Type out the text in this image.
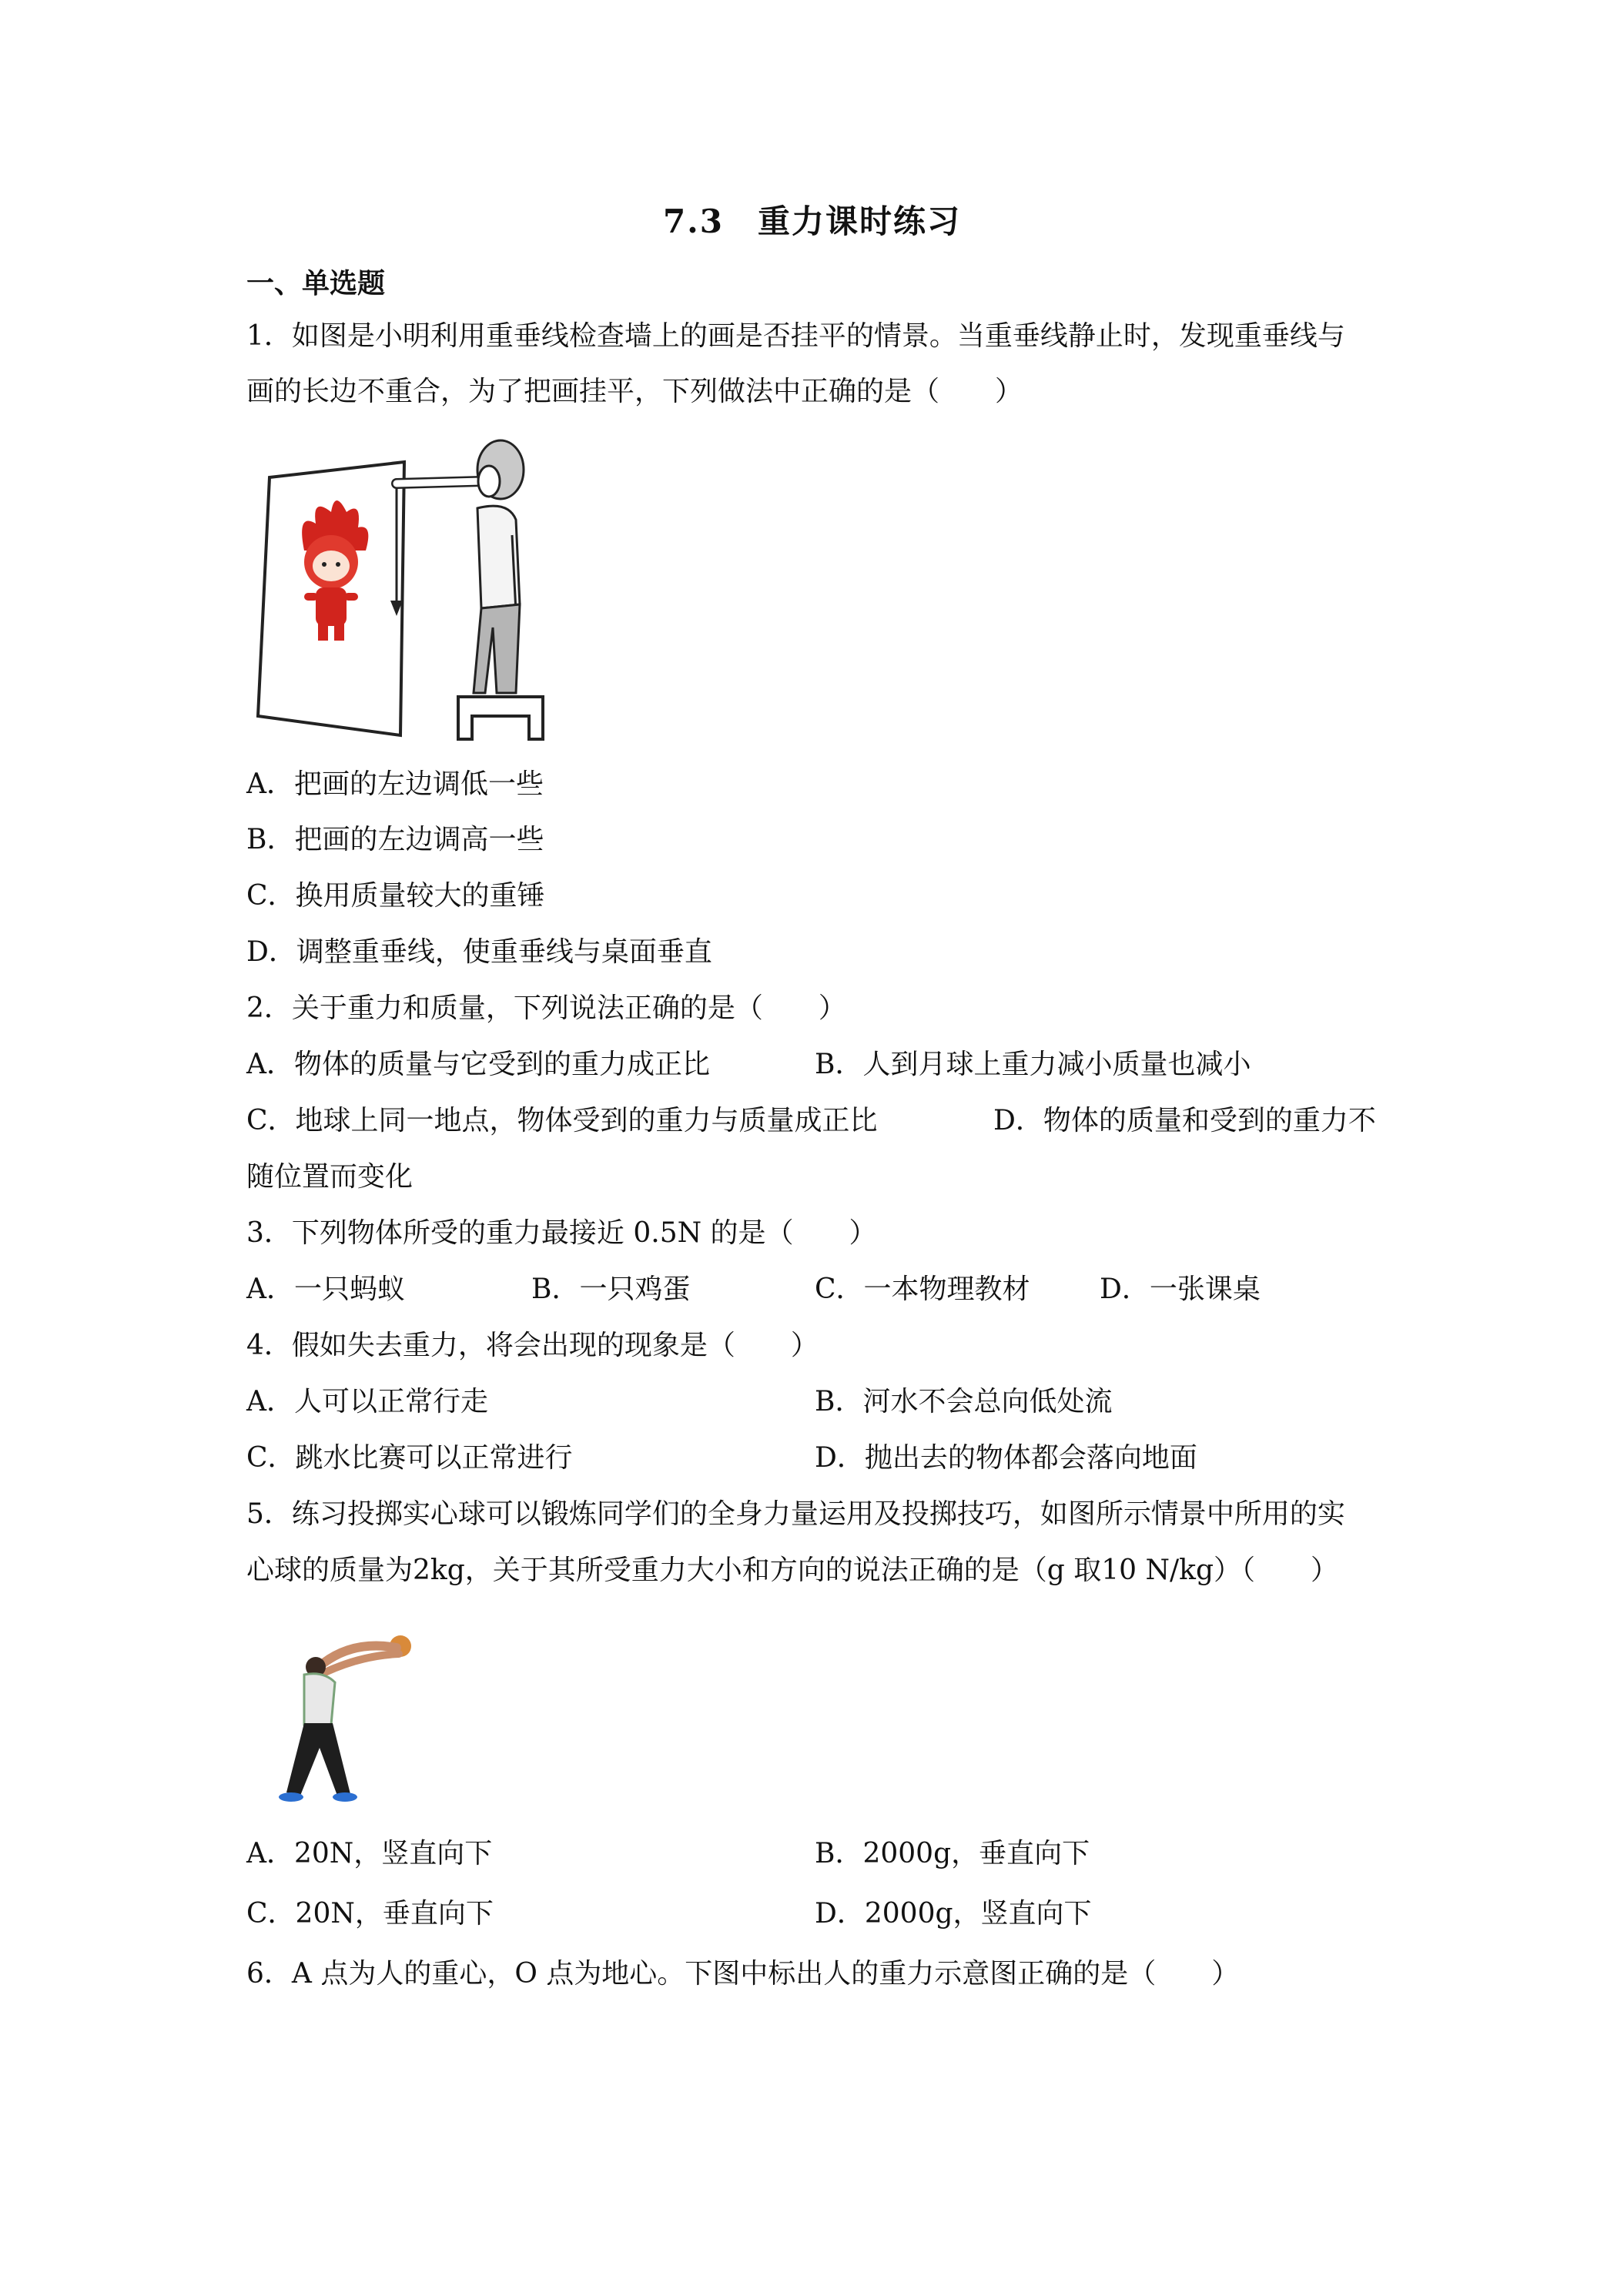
7.3　重力课时练习
一、单选题
1．如图是小明利用重垂线检查墙上的画是否挂平的情景。当重垂线静止时，发现重垂线与
画的长边不重合，为了把画挂平，下列做法中正确的是（　　）
A．把画的左边调低一些
B．把画的左边调高一些
C．换用质量较大的重锤
D．调整重垂线，使重垂线与桌面垂直
2．关于重力和质量，下列说法正确的是（　　）
A．物体的质量与它受到的重力成正比	B．人到月球上重力减小质量也减小
C．地球上同一地点，物体受到的重力与质量成正比	D．物体的质量和受到的重力不
随位置而变化
3．下列物体所受的重力最接近 0.5N 的是（　　）
A．一只蚂蚁	B．一只鸡蛋	C．一本物理教材	D．一张课桌
4．假如失去重力，将会出现的现象是（　　）
A．人可以正常行走	B．河水不会总向低处流
C．跳水比赛可以正常进行	D．抛出去的物体都会落向地面
5．练习投掷实心球可以锻炼同学们的全身力量运用及投掷技巧，如图所示情景中所用的实
心球的质量为2kg，关于其所受重力大小和方向的说法正确的是（g 取10 N/kg）（　　）
A．20N，竖直向下	B．2000g，垂直向下
C．20N，垂直向下	D．2000g，竖直向下
6．A 点为人的重心，O 点为地心。下图中标出人的重力示意图正确的是（　　）
